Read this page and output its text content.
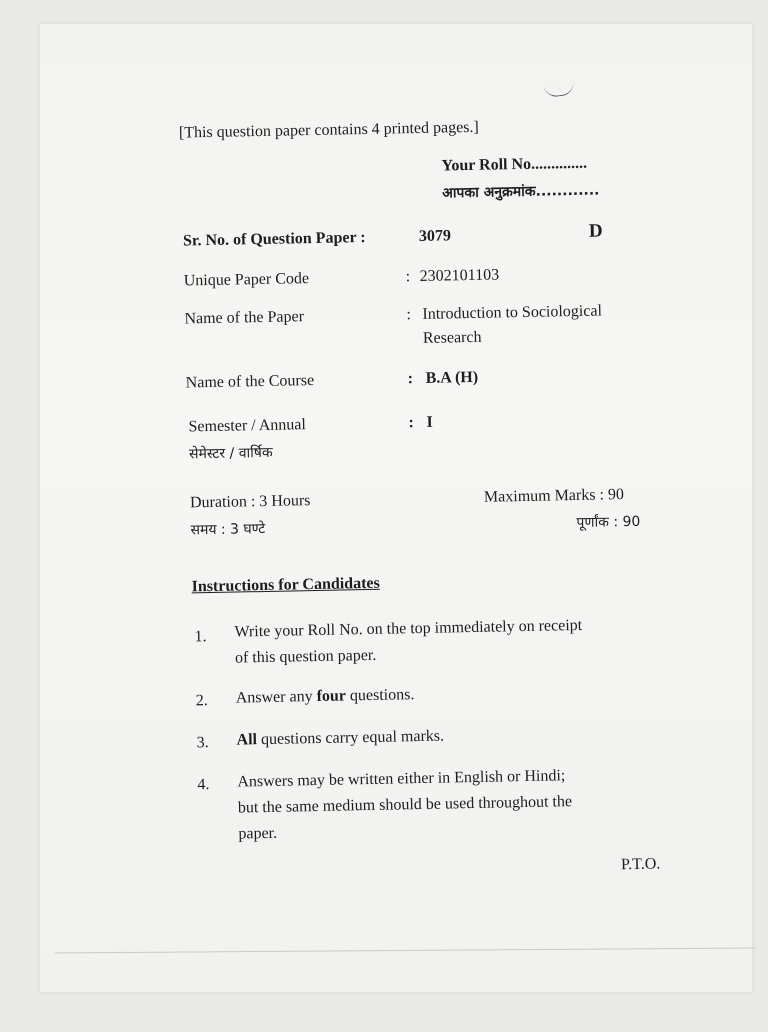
[This question paper contains 4 printed pages.]
Your Roll No..............
आपका अनुक्रमांक............
Sr. No. of Question Paper :	3079	D
Unique Paper Code	: 2302101103
Name of the Paper	: Introduction to Sociological
Research
Name of the Course	: B.A (H)
Semester / Annual	: I
सेमेस्टर / वार्षिक
Duration : 3 Hours
समय : 3 घण्टे
Maximum Marks : 90
पूर्णांक : 90
Instructions for Candidates
1. Write your Roll No. on the top immediately on receipt
of this question paper.
2. Answer any four questions.
3. All questions carry equal marks.
4. Answers may be written either in English or Hindi;
but the same medium should be used throughout the
paper.
P.T.O.
